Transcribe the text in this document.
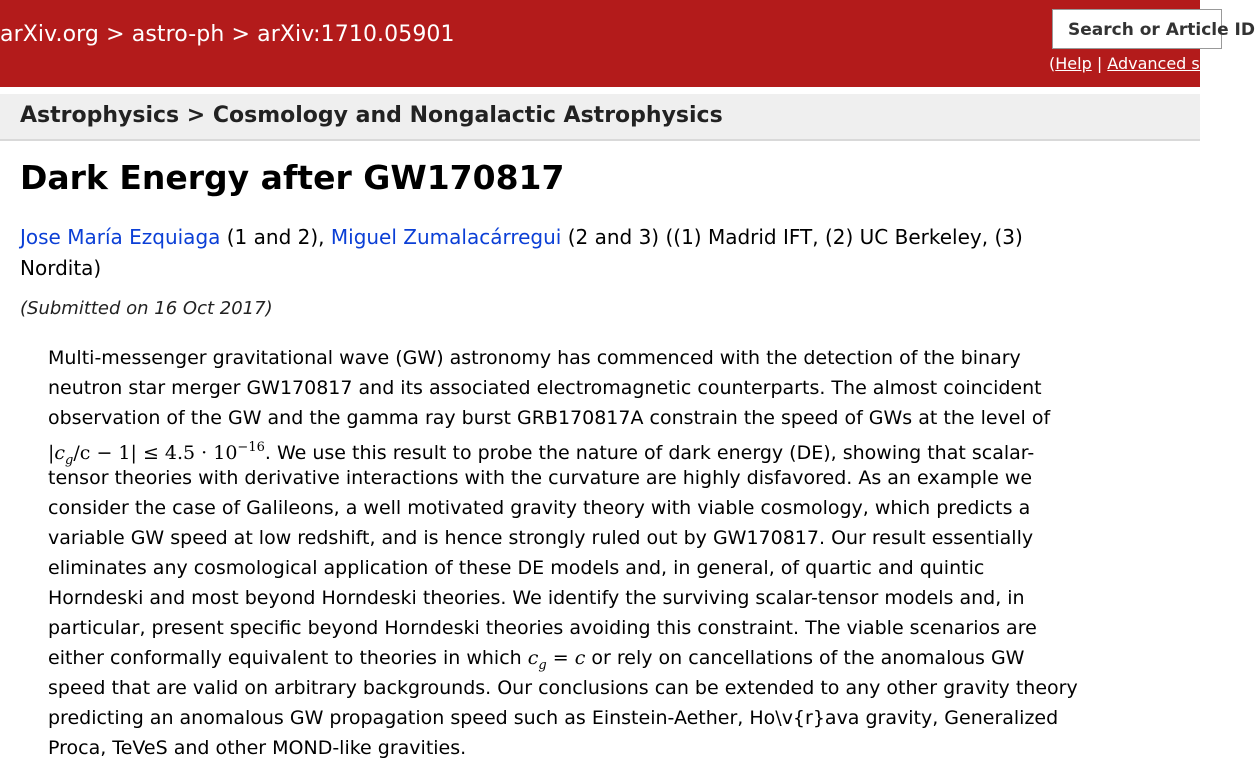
arXiv.org > astro-ph > arXiv:1710.05901	Search or Article ID
(Help | Advanced search)
Astrophysics > Cosmology and Nongalactic Astrophysics
Dark Energy after GW170817
Jose María Ezquiaga (1 and 2), Miguel Zumalacárregui (2 and 3) ((1) Madrid IFT, (2) UC Berkeley, (3)
Nordita)
(Submitted on 16 Oct 2017)
Multi-messenger gravitational wave (GW) astronomy has commenced with the detection of the binary
neutron star merger GW170817 and its associated electromagnetic counterparts. The almost coincident
observation of the GW and the gamma ray burst GRB170817A constrain the speed of GWs at the level of
$|c_g/c - 1| \le 4.5 \cdot 10^{-16}$. We use this result to probe the nature of dark energy (DE), showing that scalar-
tensor theories with derivative interactions with the curvature are highly disfavored. As an example we
consider the case of Galileons, a well motivated gravity theory with viable cosmology, which predicts a
variable GW speed at low redshift, and is hence strongly ruled out by GW170817. Our result essentially
eliminates any cosmological application of these DE models and, in general, of quartic and quintic
Horndeski and most beyond Horndeski theories. We identify the surviving scalar-tensor models and, in
particular, present specific beyond Horndeski theories avoiding this constraint. The viable scenarios are
either conformally equivalent to theories in which $c_g = c$ or rely on cancellations of the anomalous GW
speed that are valid on arbitrary backgrounds. Our conclusions can be extended to any other gravity theory
predicting an anomalous GW propagation speed such as Einstein-Aether, Ho\v{r}ava gravity, Generalized
Proca, TeVeS and other MOND-like gravities.
